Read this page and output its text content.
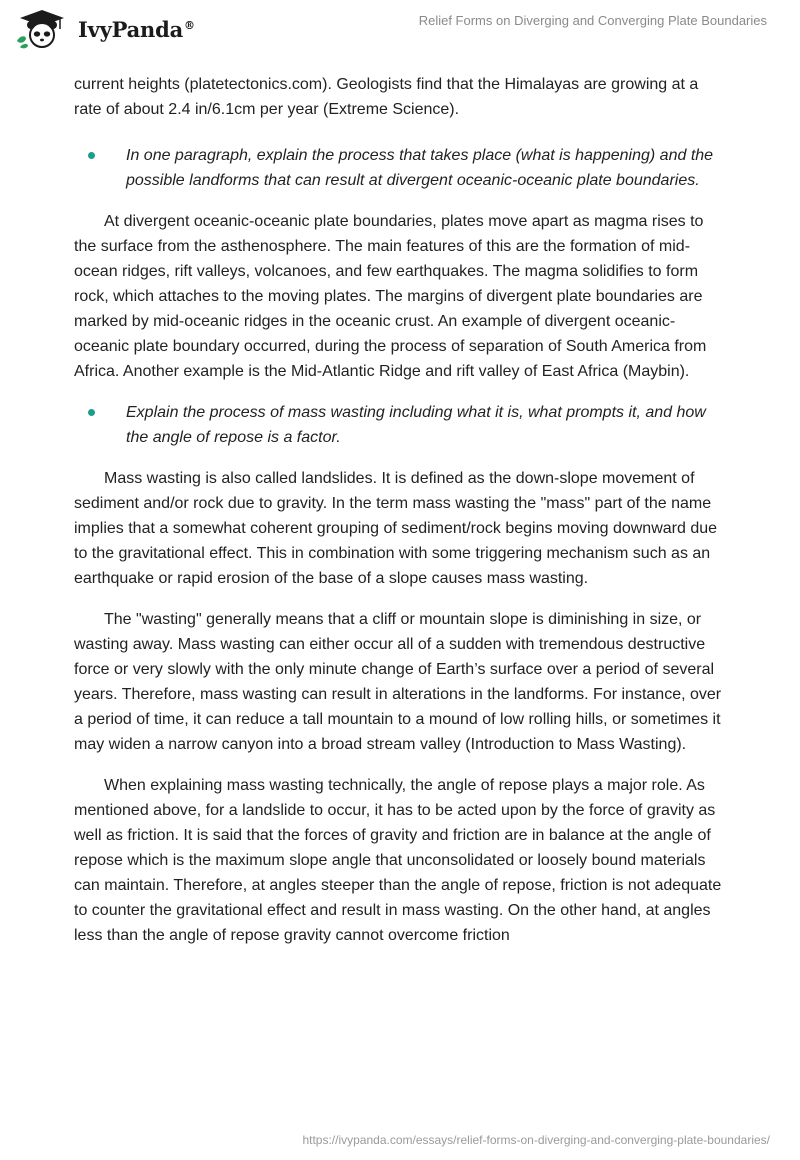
IvyPanda®	Relief Forms on Diverging and Converging Plate Boundaries

current heights (platetectonics.com). Geologists find that the Himalayas are growing at a rate of about 2.4 in/6.1cm per year (Extreme Science).

In one paragraph, explain the process that takes place (what is happening) and the possible landforms that can result at divergent oceanic-oceanic plate boundaries.

At divergent oceanic-oceanic plate boundaries, plates move apart as magma rises to the surface from the asthenosphere. The main features of this are the formation of mid-ocean ridges, rift valleys, volcanoes, and few earthquakes. The magma solidifies to form rock, which attaches to the moving plates. The margins of divergent plate boundaries are marked by mid-oceanic ridges in the oceanic crust. An example of divergent oceanic-oceanic plate boundary occurred, during the process of separation of South America from Africa. Another example is the Mid-Atlantic Ridge and rift valley of East Africa (Maybin).

Explain the process of mass wasting including what it is, what prompts it, and how the angle of repose is a factor.

Mass wasting is also called landslides. It is defined as the down-slope movement of sediment and/or rock due to gravity. In the term mass wasting the "mass" part of the name implies that a somewhat coherent grouping of sediment/rock begins moving downward due to the gravitational effect. This in combination with some triggering mechanism such as an earthquake or rapid erosion of the base of a slope causes mass wasting.

The "wasting" generally means that a cliff or mountain slope is diminishing in size, or wasting away. Mass wasting can either occur all of a sudden with tremendous destructive force or very slowly with the only minute change of Earth’s surface over a period of several years. Therefore, mass wasting can result in alterations in the landforms. For instance, over a period of time, it can reduce a tall mountain to a mound of low rolling hills, or sometimes it may widen a narrow canyon into a broad stream valley (Introduction to Mass Wasting).

When explaining mass wasting technically, the angle of repose plays a major role. As mentioned above, for a landslide to occur, it has to be acted upon by the force of gravity as well as friction. It is said that the forces of gravity and friction are in balance at the angle of repose which is the maximum slope angle that unconsolidated or loosely bound materials can maintain. Therefore, at angles steeper than the angle of repose, friction is not adequate to counter the gravitational effect and result in mass wasting. On the other hand, at angles less than the angle of repose gravity cannot overcome friction

https://ivypanda.com/essays/relief-forms-on-diverging-and-converging-plate-boundaries/
